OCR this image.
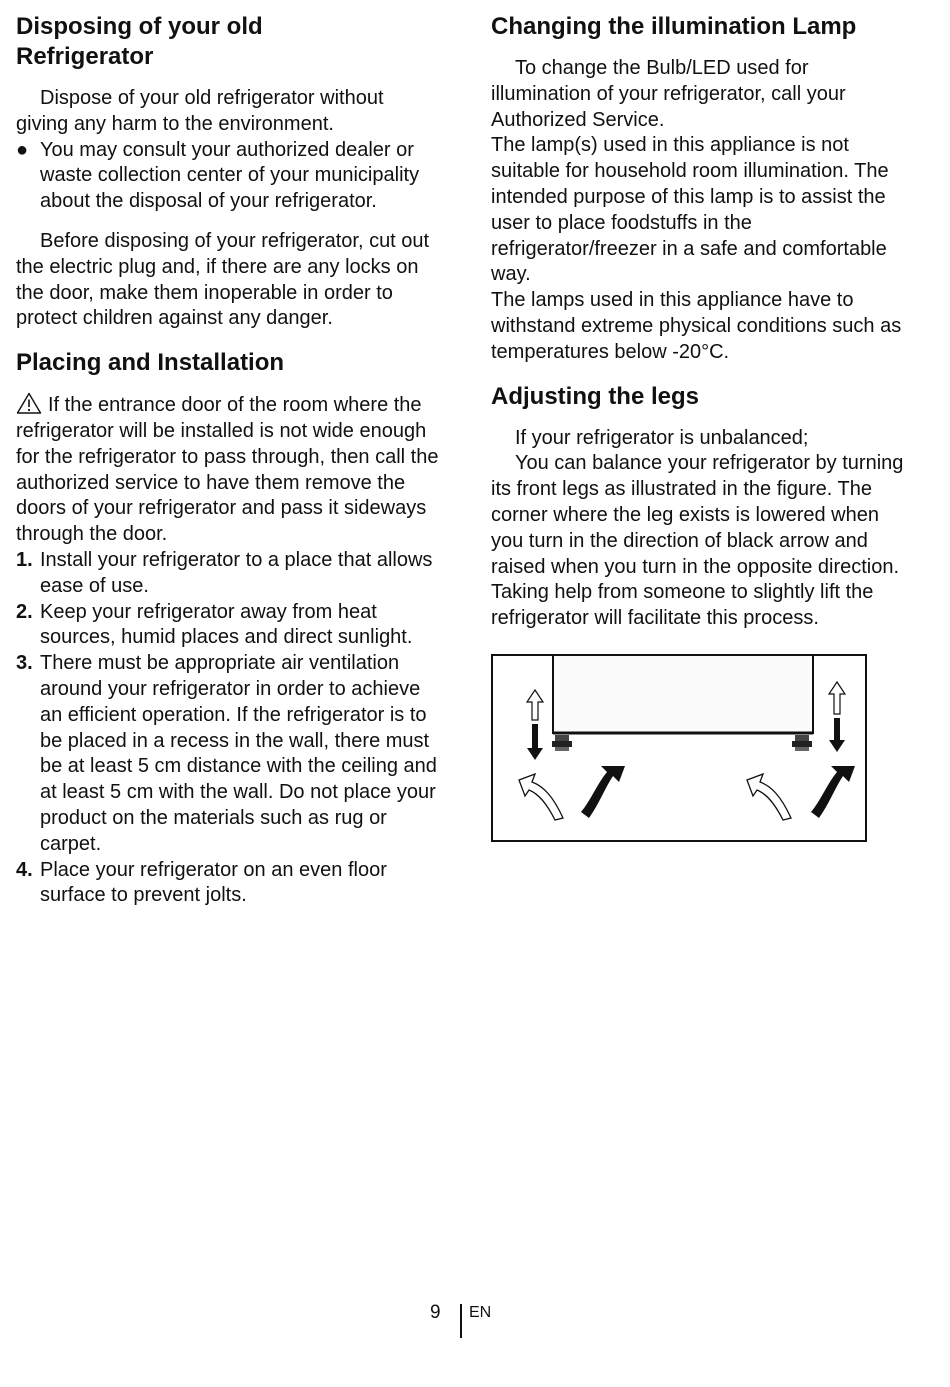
Disposing of your old
Refrigerator

Dispose of your old refrigerator without giving any harm to the environment.

● You may consult your authorized dealer or waste collection center of your municipality about the disposal of your refrigerator.

Before disposing of your refrigerator, cut out the electric plug and, if there are any locks on the door, make them inoperable in order to protect children against any danger.

Placing and Installation

If the entrance door of the room where the refrigerator will be installed is not wide enough for the refrigerator to pass through, then call the authorized service to have them remove the doors of your refrigerator and pass it sideways through the door.

1. Install your refrigerator to a place that allows ease of use.
2. Keep your refrigerator away from heat sources, humid places and direct sunlight.
3. There must be appropriate air ventilation around your refrigerator in order to achieve an efficient operation. If the refrigerator is to be placed in a recess in the wall, there must be at least 5 cm distance with the ceiling and at least 5 cm with the wall. Do not place your product on the materials such as rug or carpet.
4. Place your refrigerator on an even floor surface to prevent jolts.
Changing the illumination Lamp

To change the Bulb/LED used for illumination of your refrigerator, call your Authorized Service.

The lamp(s) used in this appliance is not suitable for household room illumination. The intended purpose of this lamp is to assist the user to place foodstuffs in the refrigerator/freezer in a safe and comfortable way.

The lamps used in this appliance have to withstand extreme physical conditions such as temperatures below -20°C.

Adjusting the legs

If your refrigerator is unbalanced;

You can balance your refrigerator by turning its front legs as illustrated in the figure. The corner where the leg exists is lowered when you turn in the direction of black arrow and raised when you turn in the opposite direction. Taking help from someone to slightly lift the refrigerator will facilitate this process.

9 EN
